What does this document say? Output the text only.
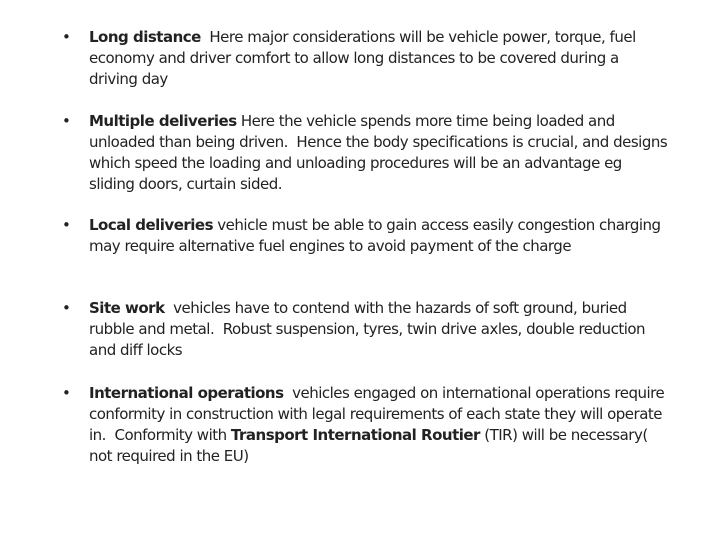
• Long distance  Here major considerations will be vehicle power, torque, fuel economy and driver comfort to allow long distances to be covered during a driving day
• Multiple deliveries Here the vehicle spends more time being loaded and unloaded than being driven.  Hence the body specifications is crucial, and designs which speed the loading and unloading procedures will be an advantage eg sliding doors, curtain sided.
• Local deliveries vehicle must be able to gain access easily congestion charging may require alternative fuel engines to avoid payment of the charge
• Site work  vehicles have to contend with the hazards of soft ground, buried rubble and metal.  Robust suspension, tyres, twin drive axles, double reduction and diff locks
• International operations  vehicles engaged on international operations require conformity in construction with legal requirements of each state they will operate in.  Conformity with Transport International Routier (TIR) will be necessary( not required in the EU)
